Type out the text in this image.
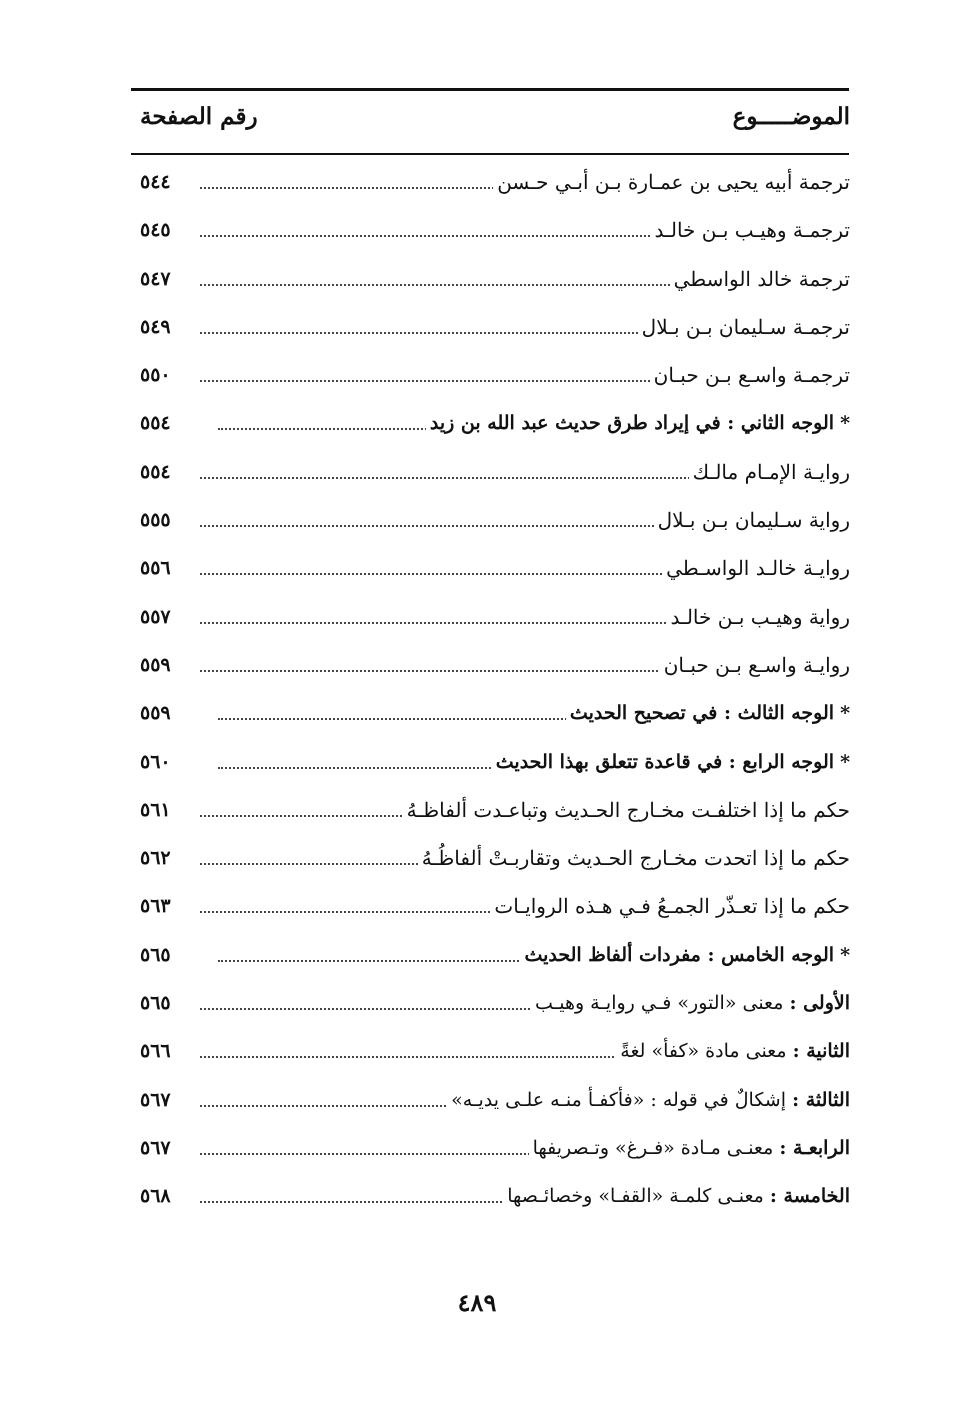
الموضـــــوع
رقم الصفحة
ترجمة أبيه يحيى بن عمـارة بـن أبـي حـسن
٥٤٤
ترجمـة وهيـب بـن خالـد
٥٤٥
ترجمة خالد الواسطي
٥٤٧
ترجمـة سـليمان بـن بـلال
٥٤٩
ترجمـة واسـع بـن حبـان
٥٥٠
*الوجه الثاني : في إيراد طرق حديث عبد الله بن زيد
٥٥٤
روايـة الإمـام مالـك
٥٥٤
رواية سـليمان بـن بـلال
٥٥٥
روايـة خالـد الواسـطي
٥٥٦
رواية وهيـب بـن خالـد
٥٥٧
روايـة واسـع بـن حبـان
٥٥٩
*الوجه الثالث : في تصحيح الحديث
٥٥٩
*الوجه الرابع : في قاعدة تتعلق بهذا الحديث
٥٦٠
حكم ما إذا اختلفـت مخـارج الحـديث وتباعـدت ألفاظـهُ
٥٦١
حكم ما إذا اتحدت مخـارج الحـديث وتقاربـتْ ألفاظُـهُ
٥٦٢
حكم ما إذا تعـذّر الجمـعُ فـي هـذه الروايـات
٥٦٣
*الوجه الخامس : مفردات ألفاظ الحديث
٥٦٥
الأولى : معنى «التور» فـي روايـة وهيـب
٥٦٥
الثانية : معنى مادة «كفأ» لغةً
٥٦٦
الثالثة : إشكالٌ في قوله : «فأكفـأ منـه علـى يديـه»
٥٦٧
الرابعـة : معنـى مـادة «فـرغ» وتـصريفها
٥٦٧
الخامسة : معنـى كلمـة «القفـا» وخصائـصها
٥٦٨
٤٨٩
